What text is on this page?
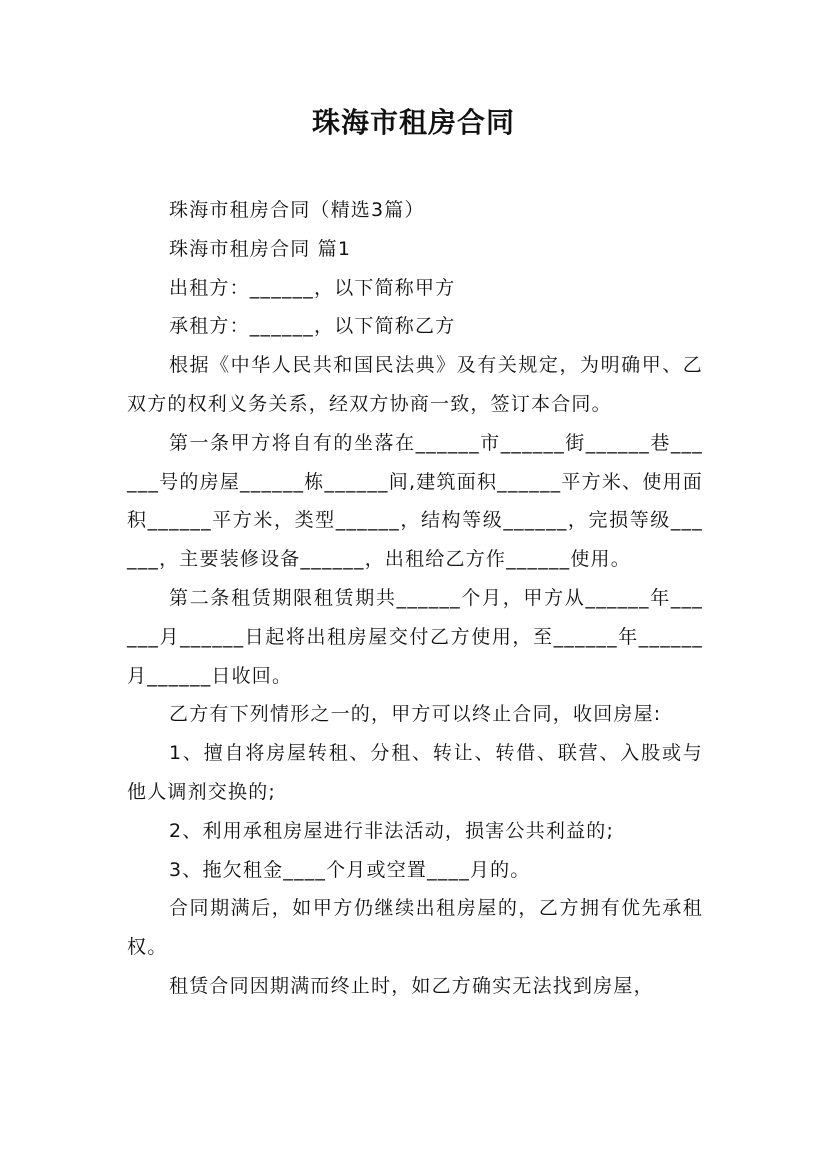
珠海市租房合同

珠海市租房合同（精选3篇）

珠海市租房合同 篇1

出租方：______，以下简称甲方

承租方：______，以下简称乙方

根据《中华人民共和国民法典》及有关规定，为明确甲、乙双方的权利义务关系，经双方协商一致，签订本合同。

第一条甲方将自有的坐落在______市______街______巷______号的房屋______栋______间,建筑面积______平方米、使用面积______平方米，类型______，结构等级______，完损等级______，主要装修设备______，出租给乙方作______使用。

第二条租赁期限租赁期共______个月，甲方从______年______月______日起将出租房屋交付乙方使用，至______年______月______日收回。

乙方有下列情形之一的，甲方可以终止合同，收回房屋:

1、擅自将房屋转租、分租、转让、转借、联营、入股或与他人调剂交换的;

2、利用承租房屋进行非法活动，损害公共利益的;

3、拖欠租金____个月或空置____月的。

合同期满后，如甲方仍继续出租房屋的，乙方拥有优先承租权。

租赁合同因期满而终止时，如乙方确实无法找到房屋，
